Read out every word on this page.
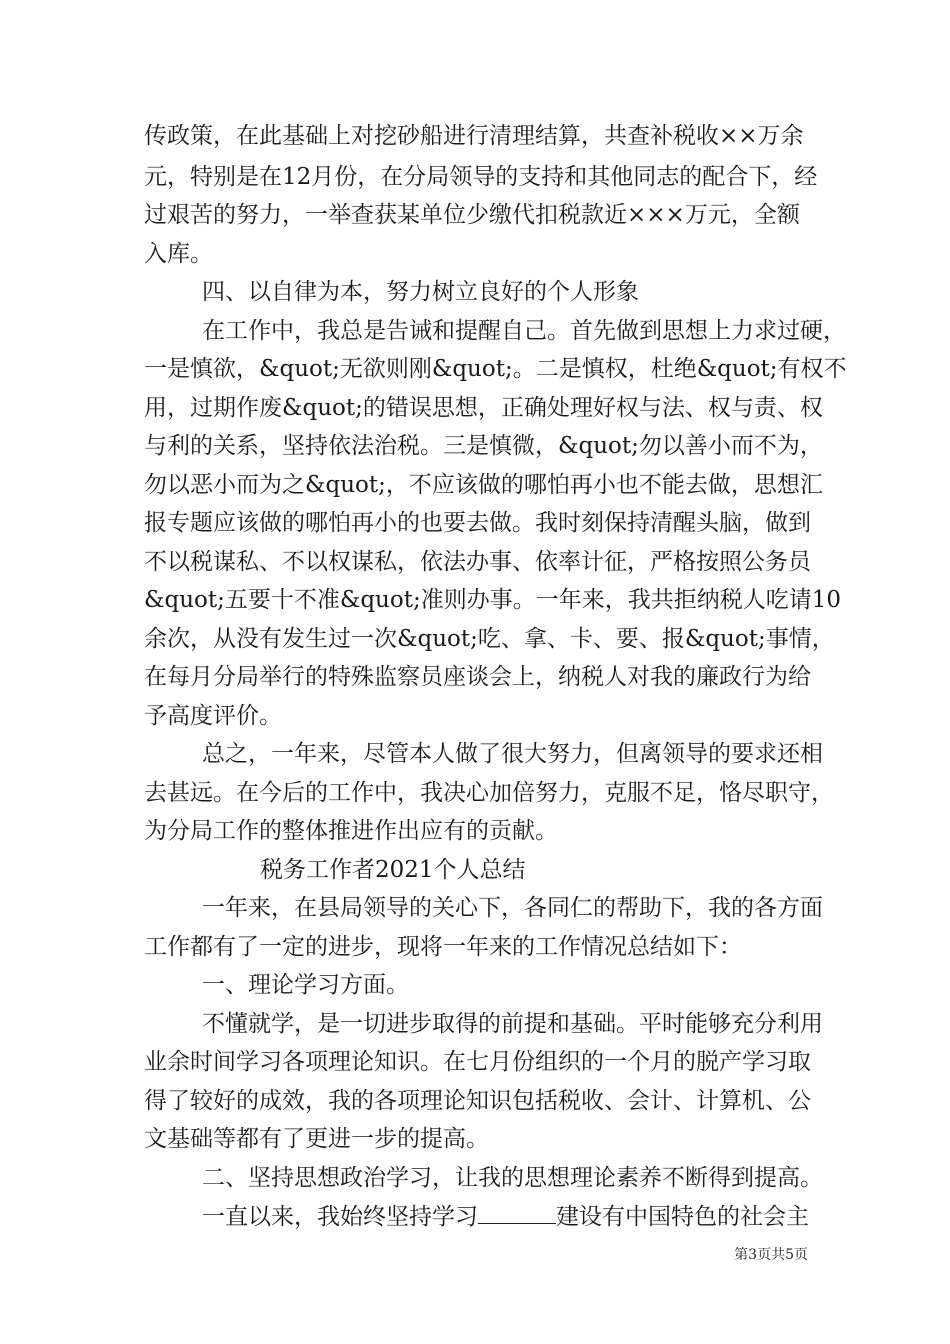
传政策，在此基础上对挖砂船进行清理结算，共查补税收××万余
元，特别是在12月份，在分局领导的支持和其他同志的配合下，经
过艰苦的努力，一举查获某单位少缴代扣税款近×××万元，全额
入库。
四、以自律为本，努力树立良好的个人形象
在工作中，我总是告诫和提醒自己。首先做到思想上力求过硬，
一是慎欲，&quot;无欲则刚&quot;。二是慎权，杜绝&quot;有权不
用，过期作废&quot;的错误思想，正确处理好权与法、权与责、权
与利的关系，坚持依法治税。三是慎微，&quot;勿以善小而不为，
勿以恶小而为之&quot;，不应该做的哪怕再小也不能去做，思想汇
报专题应该做的哪怕再小的也要去做。我时刻保持清醒头脑，做到
不以税谋私、不以权谋私，依法办事、依率计征，严格按照公务员
&quot;五要十不准&quot;准则办事。一年来，我共拒纳税人吃请10
余次，从没有发生过一次&quot;吃、拿、卡、要、报&quot;事情，
在每月分局举行的特殊监察员座谈会上，纳税人对我的廉政行为给
予高度评价。
总之，一年来，尽管本人做了很大努力，但离领导的要求还相
去甚远。在今后的工作中，我决心加倍努力，克服不足，恪尽职守，
为分局工作的整体推进作出应有的贡献。
税务工作者2021个人总结
一年来，在县局领导的关心下，各同仁的帮助下，我的各方面
工作都有了一定的进步，现将一年来的工作情况总结如下：
一、理论学习方面。
不懂就学，是一切进步取得的前提和基础。平时能够充分利用
业余时间学习各项理论知识。在七月份组织的一个月的脱产学习取
得了较好的成效，我的各项理论知识包括税收、会计、计算机、公
文基础等都有了更进一步的提高。
二、坚持思想政治学习，让我的思想理论素养不断得到提高。
一直以来，我始终坚持学习	建设有中国特色的社会主
第3页共5页
